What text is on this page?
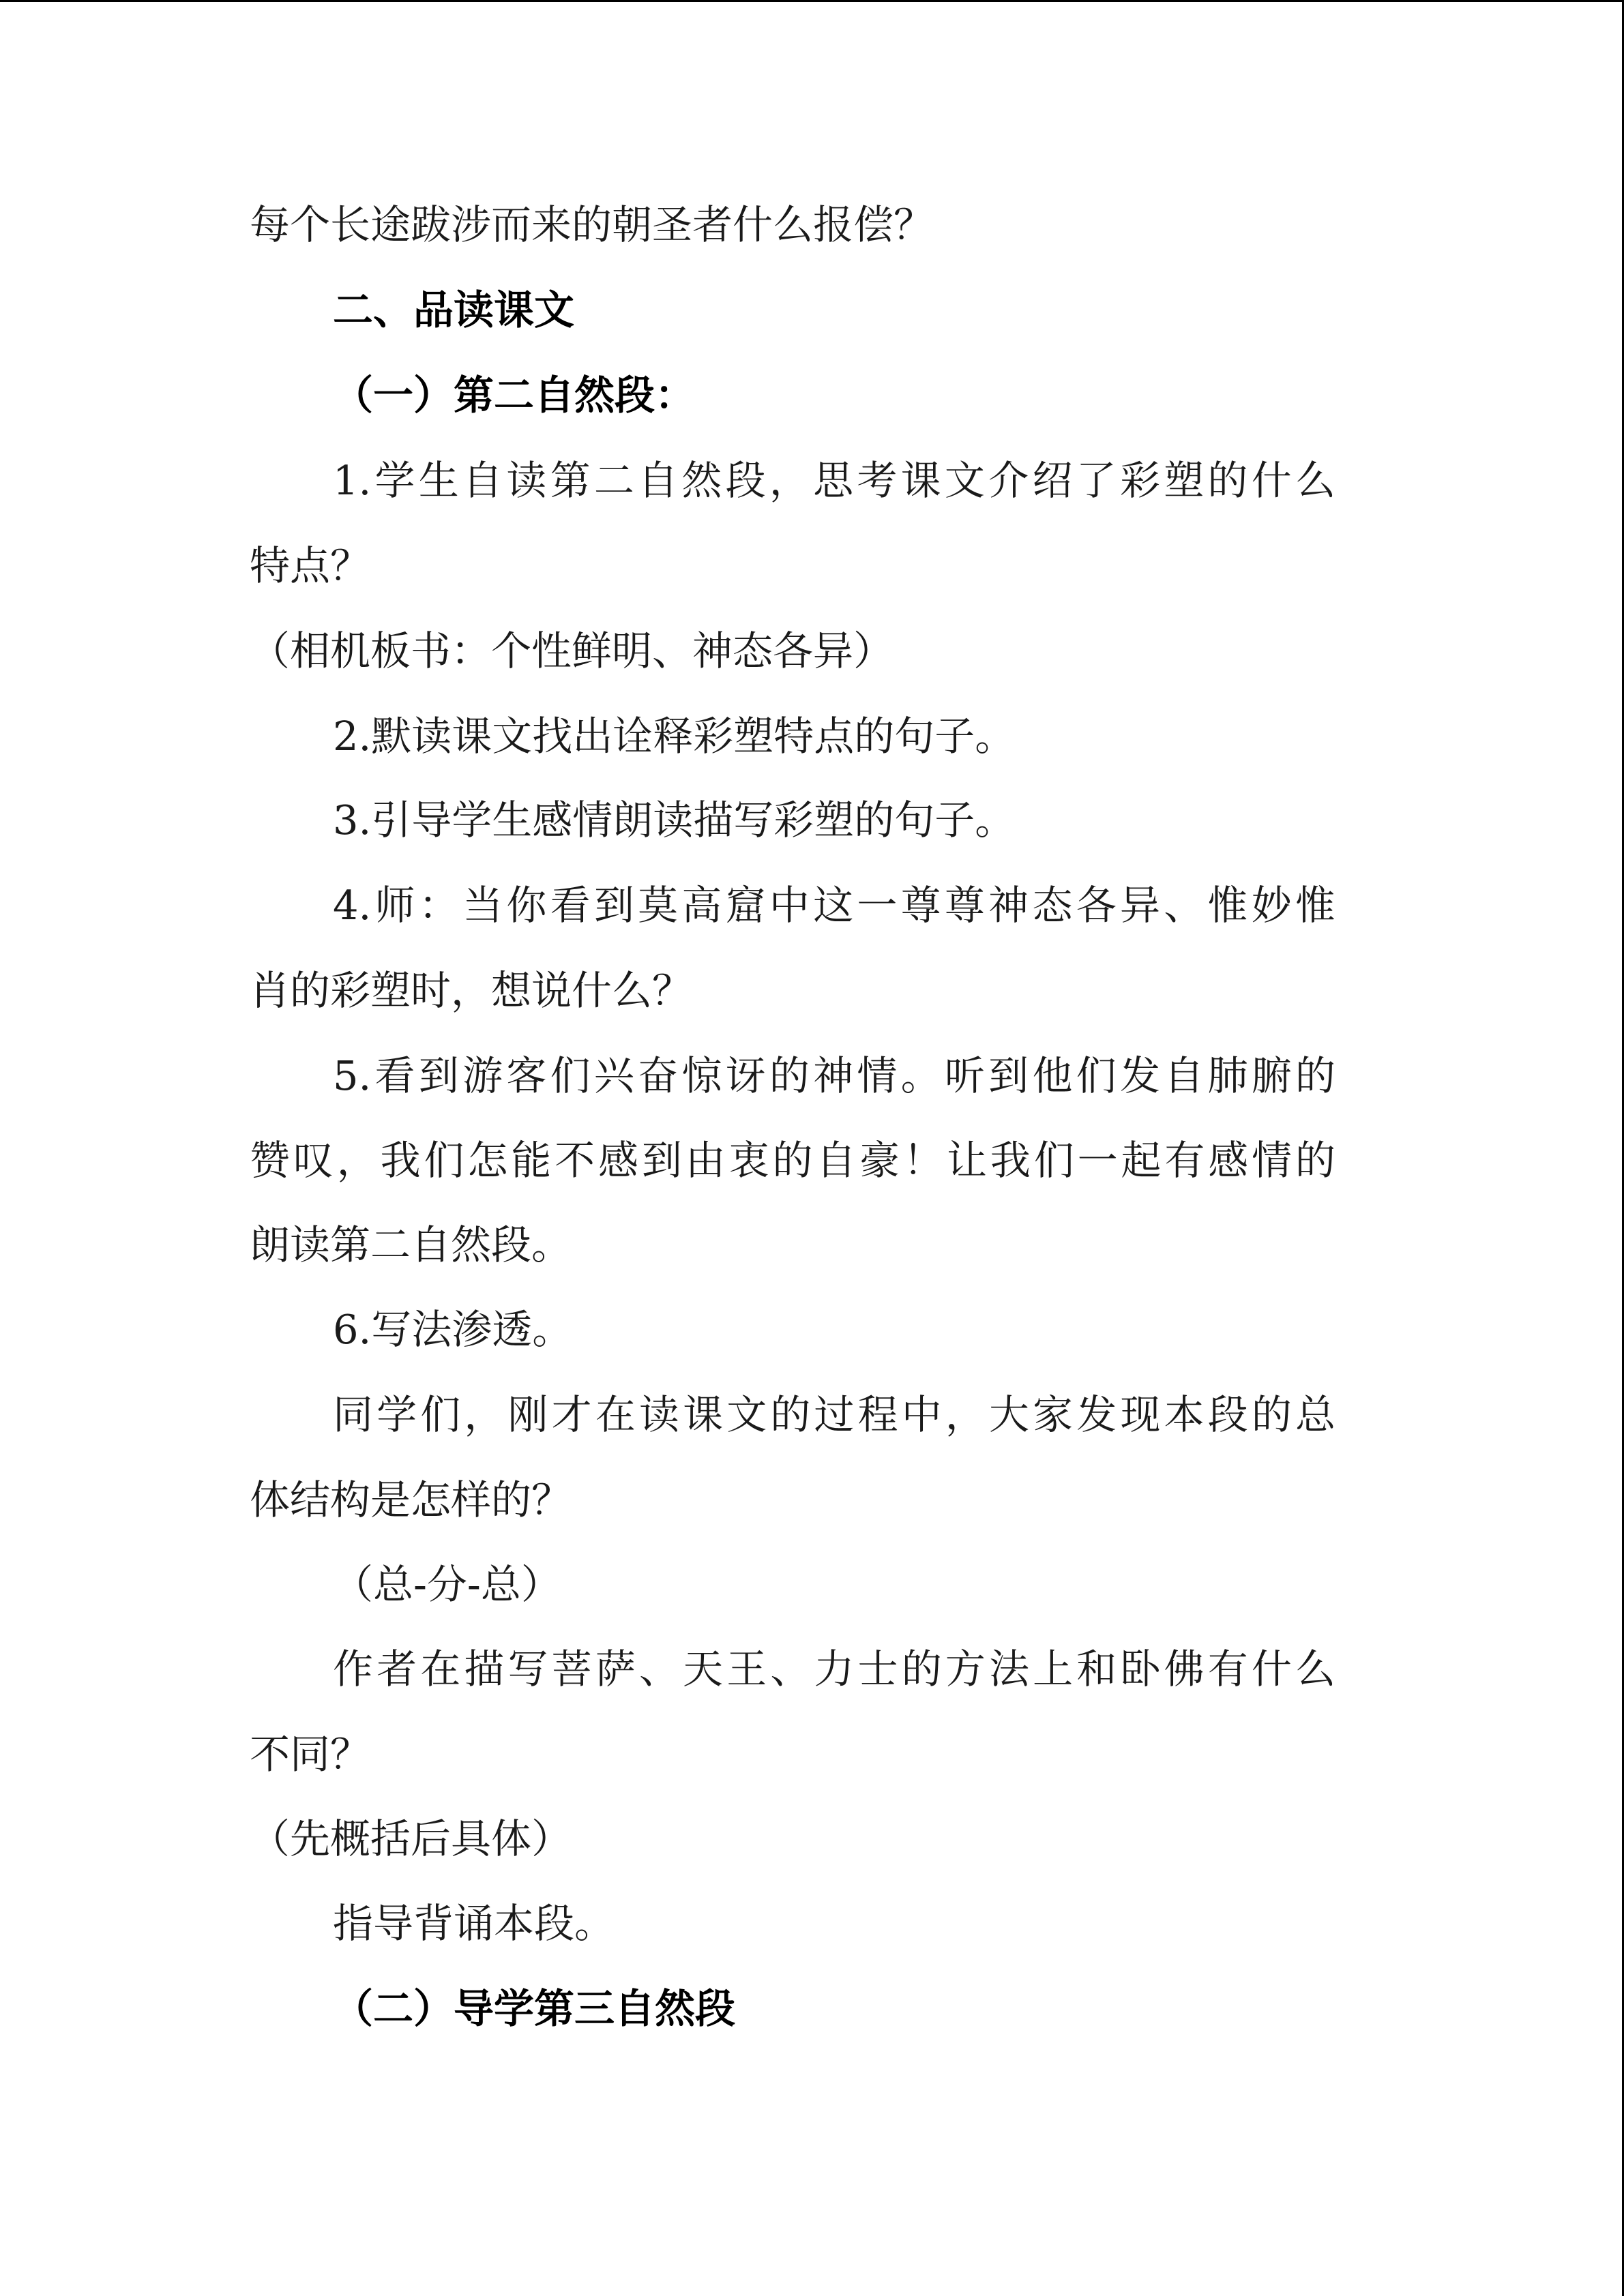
每个长途跋涉而来的朝圣者什么报偿？

二、品读课文

（一）第二自然段：

1.学生自读第二自然段，思考课文介绍了彩塑的什么

特点？

（相机板书：个性鲜明、神态各异）

2.默读课文找出诠释彩塑特点的句子。

3.引导学生感情朗读描写彩塑的句子。

4.师：当你看到莫高窟中这一尊尊神态各异、惟妙惟

肖的彩塑时，想说什么？

5.看到游客们兴奋惊讶的神情。听到他们发自肺腑的

赞叹，我们怎能不感到由衷的自豪！让我们一起有感情的

朗读第二自然段。

6.写法渗透。

同学们，刚才在读课文的过程中，大家发现本段的总

体结构是怎样的？

（总-分-总）

作者在描写菩萨、天王、力士的方法上和卧佛有什么

不同？

（先概括后具体）

指导背诵本段。

（二）导学第三自然段
